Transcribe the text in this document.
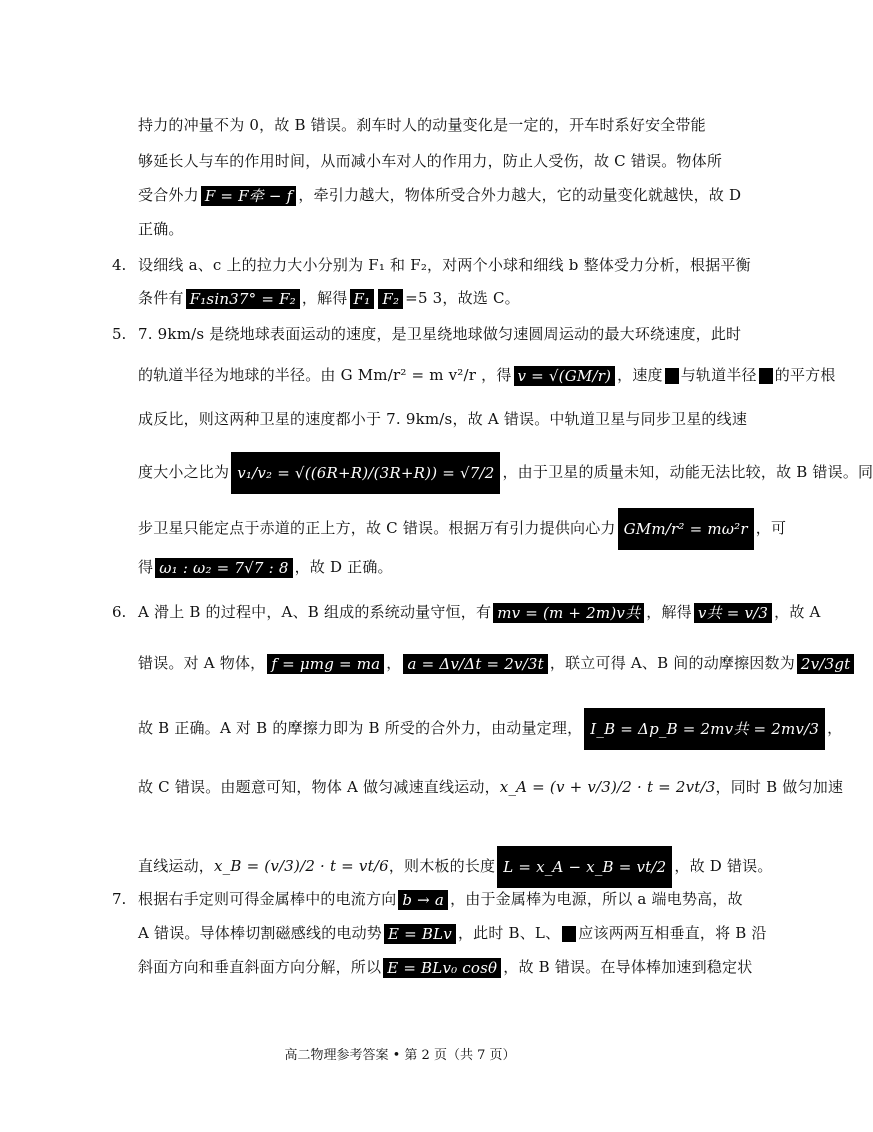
持力的冲量不为 0，故 B 错误。刹车时人的动量变化是一定的，开车时系好安全带能
够延长人与车的作用时间，从而减小车对人的作用力，防止人受伤，故 C 错误。物体所
受合外力 F = F牵 − f ，牵引力越大，物体所受合外力越大，它的动量变化就越快，故 D
正确。
4. 设细线 a、c 上的拉力大小分别为 F₁ 和 F₂，对两个小球和细线 b 整体受力分析，根据平衡
条件有 F₁sin37° = F₂ ，解得 F₁ F₂ =5 3，故选 C。
5. 7. 9km/s 是绕地球表面运动的速度，是卫星绕地球做匀速圆周运动的最大环绕速度，此时
的轨道半径为地球的半径。由 G Mm/r² = m v²/r ，得 v = √(GM/r) ，速度 与轨道半径 的平方根
成反比，则这两种卫星的速度都小于 7. 9km/s，故 A 错误。中轨道卫星与同步卫星的线速
度大小之比为 v₁/v₂ = √((6R+R)/(3R+R)) = √7/2 ，由于卫星的质量未知，动能无法比较，故 B 错误。同
步卫星只能定点于赤道的正上方，故 C 错误。根据万有引力提供向心力 GMm/r² = mω²r ，可
得 ω₁ : ω₂ = 7√7 : 8 ，故 D 正确。
6. A 滑上 B 的过程中，A、B 组成的系统动量守恒，有 mv = (m + 2m)v共 ，解得 v共 = v/3 ，故 A
错误。对 A 物体， f = μmg = ma ， a = Δv/Δt = 2v/3t ，联立可得 A、B 间的动摩擦因数为 2v/3gt
故 B 正确。A 对 B 的摩擦力即为 B 所受的合外力，由动量定理， I_B = Δp_B = 2mv共 = 2mv/3 ，
故 C 错误。由题意可知，物体 A 做匀减速直线运动，x_A = (v + v/3)/2 · t = 2vt/3，同时 B 做匀加速
直线运动，x_B = (v/3)/2 · t = vt/6，则木板的长度 L = x_A − x_B = vt/2 ，故 D 错误。
7. 根据右手定则可得金属棒中的电流方向 b → a ，由于金属棒为电源，所以 a 端电势高，故
A 错误。导体棒切割磁感线的电动势 E = BLv ，此时 B、L、 应该两两互相垂直，将 B 沿
斜面方向和垂直斜面方向分解，所以 E = BLv₀ cosθ ，故 B 错误。在导体棒加速到稳定状
高二物理参考答案 • 第 2 页（共 7 页）
